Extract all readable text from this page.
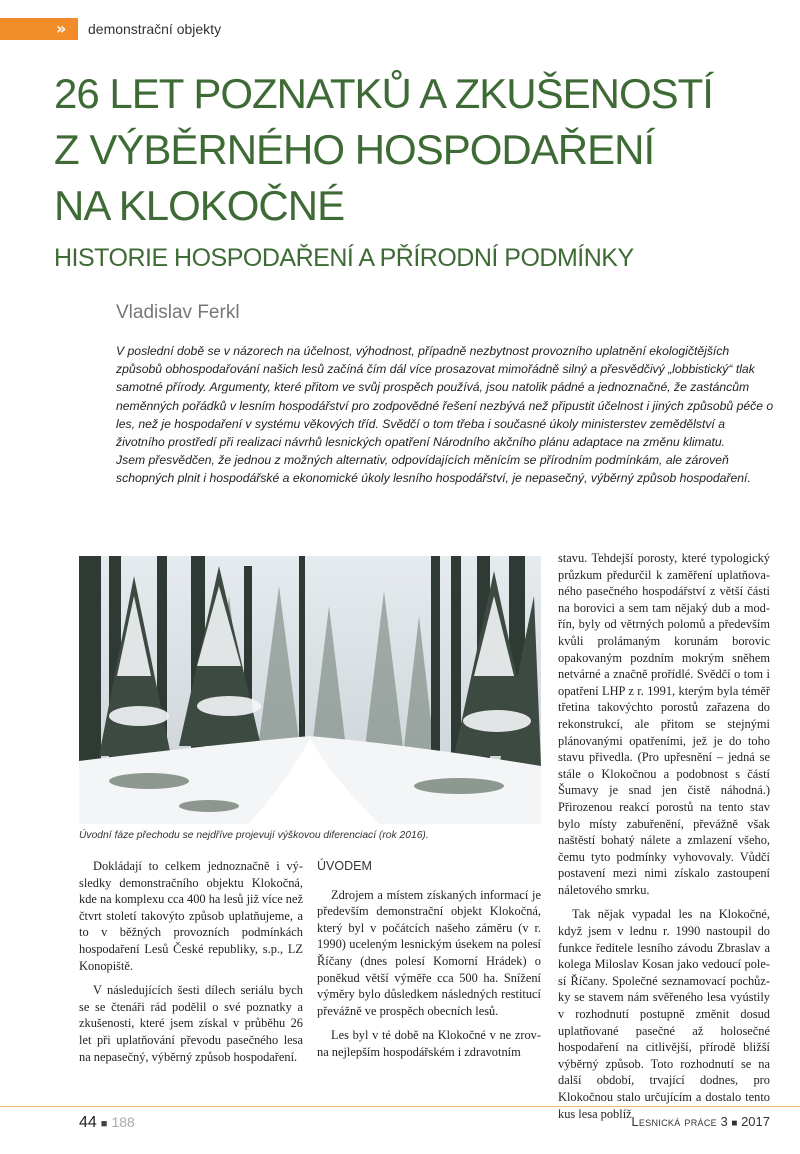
» demonstrační objekty
26 LET POZNATKŮ A ZKUŠENOSTÍ
Z VÝBĚRNÉHO HOSPODAŘENÍ
NA KLOKOČNÉ
HISTORIE HOSPODAŘENÍ A PŘÍRODNÍ PODMÍNKY
Vladislav Ferkl

V poslední době se v názorech na účelnost, výhodnost, případně nezbytnost provozního uplatnění ekologičtějších způsobů obhospodařování našich lesů začíná čím dál více prosazovat mimořádně silný a přesvědčivý „lobbistický“ tlak samotné přírody. Argumenty, které přitom ve svůj prospěch používá, jsou natolik pádné a jednoznačné, že zastáncům neměnných pořádků v lesním hospodářství pro zodpovědné řešení nezbývá než připustit účelnost i jiných způsobů péče o les, než je hospodaření v systému věkových tříd. Svědčí o tom třeba i současné úkoly ministerstev zemědělství a životního prostředí při realizaci návrhů lesnických opatření Národního akčního plánu adaptace na změnu klimatu.

Jsem přesvědčen, že jednou z možných alternativ, odpovídajících měnícím se přírodním podmínkám, ale zároveň schopných plnit i hospodářské a ekonomické úkoly lesního hospodářství, je nepasečný, výběrný způsob hospodaření.

Úvodní fáze přechodu se nejdříve projevují výškovou diferenciací (rok 2016).

Dokládají to celkem jednoznačně i výsledky demonstračního objektu Klokočná, kde na komplexu cca 400 ha lesů již více než čtvrt století takovýto způsob uplatňujeme, a to v běžných provozních podmínkách hospodaření Lesů České republiky, s.p., LZ Konopiště.

V následujících šesti dílech seriálu bych se se čtenáři rád podělil o své poznatky a zkušenosti, které jsem získal v průběhu 26 let při uplatňování převodu pasečného lesa na nepasečný, výběrný způsob hospodaření.

ÚVODEM

Zdrojem a místem získaných informací je především demonstrační objekt Klokočná, který byl v počátcích našeho záměru (v r. 1990) uceleným lesnickým úsekem na polesí Říčany (dnes polesí Komorní Hrádek) o poněkud větší výměře cca 500 ha. Snížení výměry bylo důsledkem následných restitucí převážně ve prospěch obecních lesů.

Les byl v té době na Klokočné v ne zrovna nejlepším hospodářském i zdravotním

stavu. Tehdejší porosty, které typologický průzkum předurčil k zaměření uplatňovaného pasečného hospodářství z větší části na borovici a sem tam nějaký dub a modřín, byly od větrných polomů a především kvůli prolámaným korunám borovic opakovaným pozdním mokrým sněhem netvárné a značně prořídlé. Svědčí o tom i opatření LHP z r. 1991, kterým byla téměř třetina takovýchto porostů zařazena do rekonstrukcí, ale přitom se stejnými plánovanými opatřeními, jež je do toho stavu přivedla. (Pro upřesnění – jedná se stále o Klokočnou a podobnost s částí Šumavy je snad jen čistě náhodná.) Přirozenou reakcí porostů na tento stav bylo místy zabuřenění, převážně však naštěstí bohatý nálete a zmlazení všeho, čemu tyto podmínky vyhovovaly. Vůdčí postavení mezi nimi získalo zastoupení náletového smrku.

Tak nějak vypadal les na Klokočné, když jsem v lednu r. 1990 nastoupil do funkce ředitele lesního závodu Zbraslav a kolega Miloslav Kosan jako vedoucí polesí Říčany. Společné seznamovací pochůzky se stavem nám svěřeného lesa vyústily v rozhodnutí postupně změnit dosud uplatňované pasečné až holosečné hospodaření na citlivější, přírodě bližší výběrný způsob. Toto rozhodnutí se na další období, trvající dodnes, pro Klokočnou stalo určujícím a dostalo tento kus lesa poblíž

44 ■ 188	Lesnická práce 3 ■ 2017
